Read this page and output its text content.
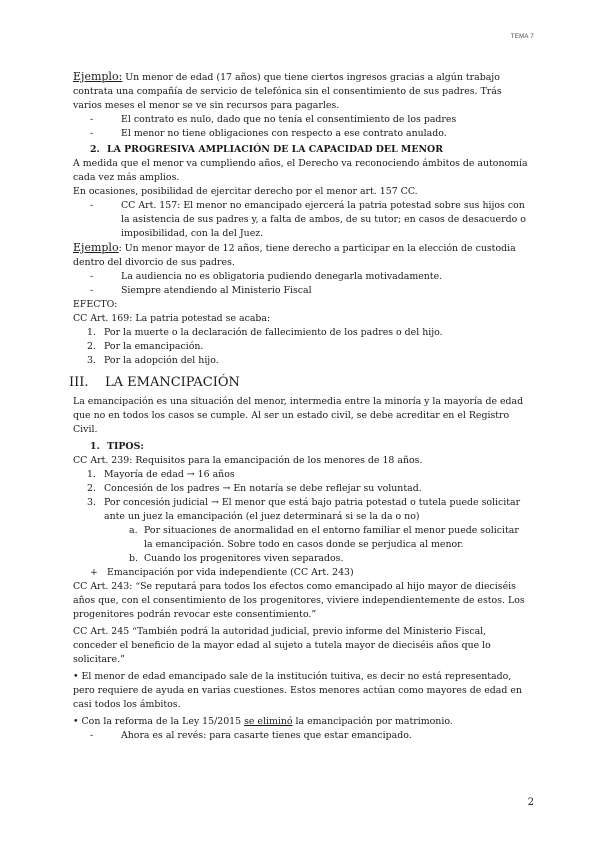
TEMA 7

Ejemplo: Un menor de edad (17 años) que tiene ciertos ingresos gracias a algún trabajo contrata una compañía de servicio de telefónica sin el consentimiento de sus padres. Trás varios meses el menor se ve sin recursos para pagarles.

- El contrato es nulo, dado que no tenía el consentimiento de los padres
- El menor no tiene obligaciones con respecto a ese contrato anulado.
2. LA PROGRESIVA AMPLIACIÓN DE LA CAPACIDAD DEL MENOR

A medida que el menor va cumpliendo años, el Derecho va reconociendo ámbitos de autonomía cada vez más amplios.

En ocasiones, posibilidad de ejercitar derecho por el menor art. 157 CC.

- CC Art. 157: El menor no emancipado ejercerá la patria potestad sobre sus hijos con la asistencia de sus padres y, a falta de ambos, de su tutor; en casos de desacuerdo o imposibilidad, con la del Juez.

Ejemplo: Un menor mayor de 12 años, tiene derecho a participar en la elección de custodia dentro del divorcio de sus padres.

- La audiencia no es obligatoria pudiendo denegarla motivadamente.
- Siempre atendiendo al Ministerio Fiscal

EFECTO:

CC Art. 169: La patria potestad se acaba:

1. Por la muerte o la declaración de fallecimiento de los padres o del hijo.
2. Por la emancipación.
3. Por la adopción del hijo.
III. LA EMANCIPACIÓN

La emancipación es una situación del menor, intermedia entre la minoría y la mayoría de edad que no en todos los casos se cumple. Al ser un estado civil, se debe acreditar en el Registro Civil.

1. TIPOS:

CC Art. 239: Requisitos para la emancipación de los menores de 18 años.

1. Mayoría de edad → 16 años
2. Concesión de los padres → En notaría se debe reflejar su voluntad.
3. Por concesión judicial → El menor que está bajo patria potestad o tutela puede solicitar ante un juez la emancipación (el juez determinará si se la da o no)
a. Por situaciones de anormalidad en el entorno familiar el menor puede solicitar la emancipación. Sobre todo en casos donde se perjudica al menor.
b. Cuando los progenitores viven separados.
+ Emancipación por vida independiente (CC Art. 243)

CC Art. 243: “Se reputará para todos los efectos como emancipado al hijo mayor de dieciséis años que, con el consentimiento de los progenitores, viviere independientemente de estos. Los progenitores podrán revocar este consentimiento.”

CC Art. 245 “También podrá la autoridad judicial, previo informe del Ministerio Fiscal, conceder el beneficio de la mayor edad al sujeto a tutela mayor de dieciséis años que lo solicitare.”

• El menor de edad emancipado sale de la institución tuitiva, es decir no está representado, pero requiere de ayuda en varias cuestiones. Estos menores actúan como mayores de edad en casi todos los ámbitos.

• Con la reforma de la Ley 15/2015 se eliminó la emancipación por matrimonio.

- Ahora es al revés: para casarte tienes que estar emancipado.
2
